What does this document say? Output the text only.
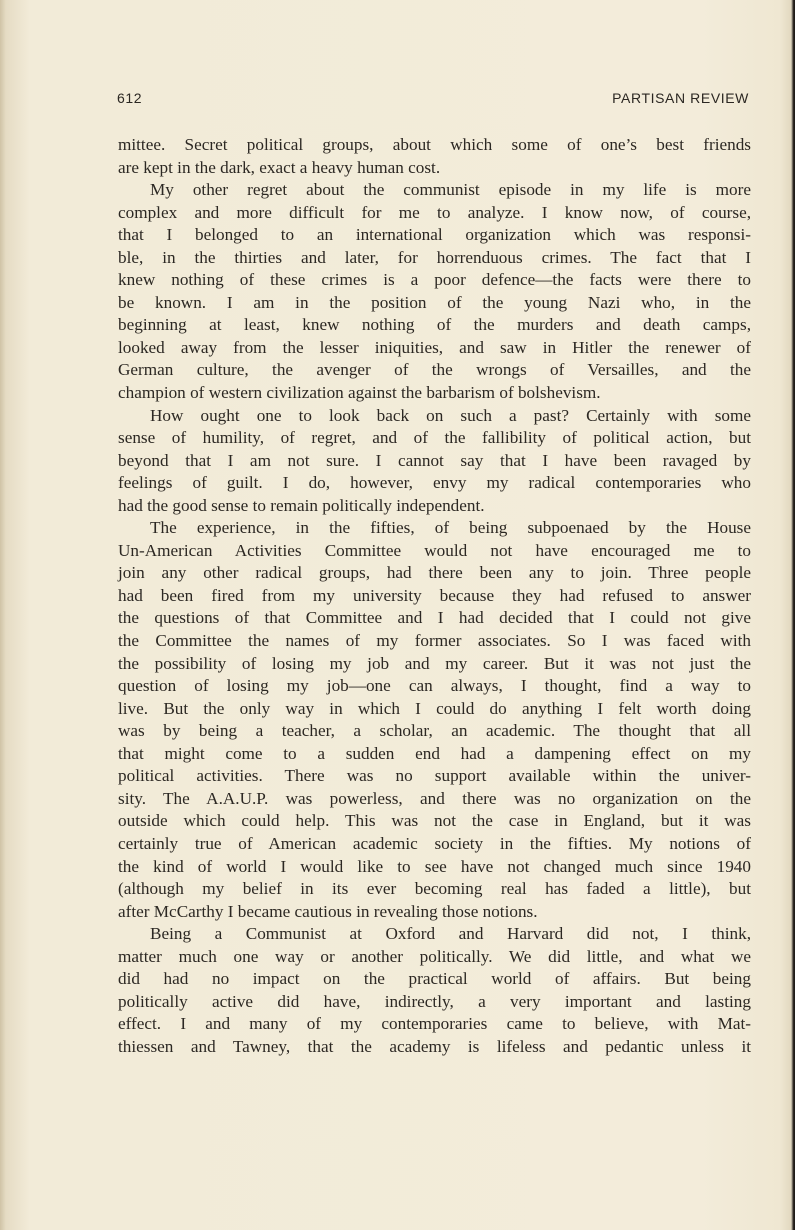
612	PARTISAN REVIEW
mittee. Secret political groups, about which some of one’s best friends
are kept in the dark, exact a heavy human cost.
My other regret about the communist episode in my life is more
complex and more difficult for me to analyze. I know now, of course,
that I belonged to an international organization which was responsi-
ble, in the thirties and later, for horrenduous crimes. The fact that I
knew nothing of these crimes is a poor defence—the facts were there to
be known. I am in the position of the young Nazi who, in the
beginning at least, knew nothing of the murders and death camps,
looked away from the lesser iniquities, and saw in Hitler the renewer of
German culture, the avenger of the wrongs of Versailles, and the
champion of western civilization against the barbarism of bolshevism.
How ought one to look back on such a past? Certainly with some
sense of humility, of regret, and of the fallibility of political action, but
beyond that I am not sure. I cannot say that I have been ravaged by
feelings of guilt. I do, however, envy my radical contemporaries who
had the good sense to remain politically independent.
The experience, in the fifties, of being subpoenaed by the House
Un-American Activities Committee would not have encouraged me to
join any other radical groups, had there been any to join. Three people
had been fired from my university because they had refused to answer
the questions of that Committee and I had decided that I could not give
the Committee the names of my former associates. So I was faced with
the possibility of losing my job and my career. But it was not just the
question of losing my job—one can always, I thought, find a way to
live. But the only way in which I could do anything I felt worth doing
was by being a teacher, a scholar, an academic. The thought that all
that might come to a sudden end had a dampening effect on my
political activities. There was no support available within the univer-
sity. The A.A.U.P. was powerless, and there was no organization on the
outside which could help. This was not the case in England, but it was
certainly true of American academic society in the fifties. My notions of
the kind of world I would like to see have not changed much since 1940
(although my belief in its ever becoming real has faded a little), but
after McCarthy I became cautious in revealing those notions.
Being a Communist at Oxford and Harvard did not, I think,
matter much one way or another politically. We did little, and what we
did had no impact on the practical world of affairs. But being
politically active did have, indirectly, a very important and lasting
effect. I and many of my contemporaries came to believe, with Mat-
thiessen and Tawney, that the academy is lifeless and pedantic unless it
